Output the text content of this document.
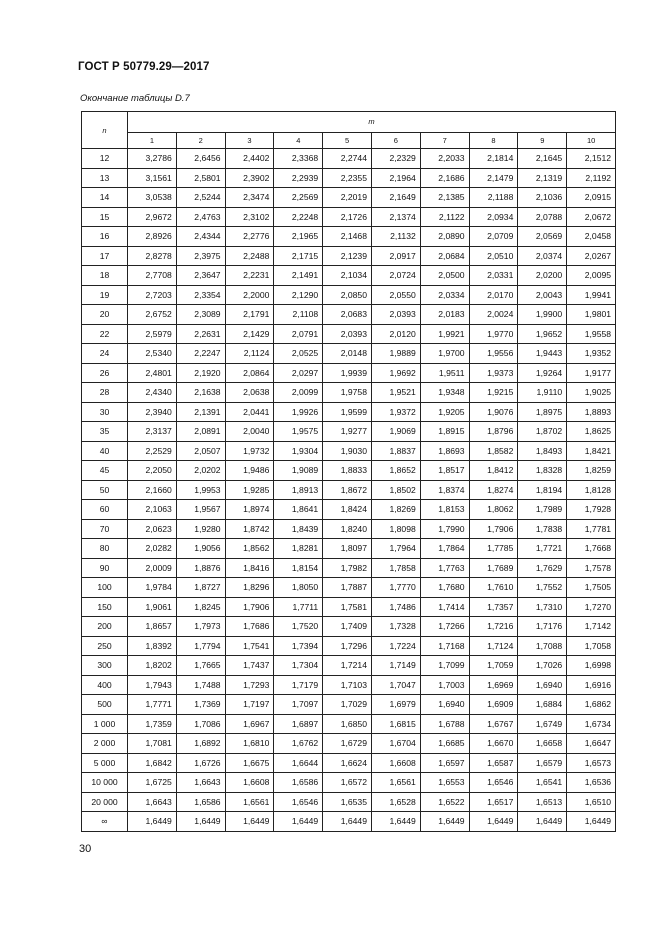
ГОСТ Р 50779.29—2017
Окончание таблицы D.7
n	m									
	1	2	3	4	5	6	7	8	9	10
12	3,2786	2,6456	2,4402	2,3368	2,2744	2,2329	2,2033	2,1814	2,1645	2,1512
13	3,1561	2,5801	2,3902	2,2939	2,2355	2,1964	2,1686	2,1479	2,1319	2,1192
14	3,0538	2,5244	2,3474	2,2569	2,2019	2,1649	2,1385	2,1188	2,1036	2,0915
15	2,9672	2,4763	2,3102	2,2248	2,1726	2,1374	2,1122	2,0934	2,0788	2,0672
16	2,8926	2,4344	2,2776	2,1965	2,1468	2,1132	2,0890	2,0709	2,0569	2,0458
17	2,8278	2,3975	2,2488	2,1715	2,1239	2,0917	2,0684	2,0510	2,0374	2,0267
18	2,7708	2,3647	2,2231	2,1491	2,1034	2,0724	2,0500	2,0331	2,0200	2,0095
19	2,7203	2,3354	2,2000	2,1290	2,0850	2,0550	2,0334	2,0170	2,0043	1,9941
20	2,6752	2,3089	2,1791	2,1108	2,0683	2,0393	2,0183	2,0024	1,9900	1,9801
22	2,5979	2,2631	2,1429	2,0791	2,0393	2,0120	1,9921	1,9770	1,9652	1,9558
24	2,5340	2,2247	2,1124	2,0525	2,0148	1,9889	1,9700	1,9556	1,9443	1,9352
26	2,4801	2,1920	2,0864	2,0297	1,9939	1,9692	1,9511	1,9373	1,9264	1,9177
28	2,4340	2,1638	2,0638	2,0099	1,9758	1,9521	1,9348	1,9215	1,9110	1,9025
30	2,3940	2,1391	2,0441	1,9926	1,9599	1,9372	1,9205	1,9076	1,8975	1,8893
35	2,3137	2,0891	2,0040	1,9575	1,9277	1,9069	1,8915	1,8796	1,8702	1,8625
40	2,2529	2,0507	1,9732	1,9304	1,9030	1,8837	1,8693	1,8582	1,8493	1,8421
45	2,2050	2,0202	1,9486	1,9089	1,8833	1,8652	1,8517	1,8412	1,8328	1,8259
50	2,1660	1,9953	1,9285	1,8913	1,8672	1,8502	1,8374	1,8274	1,8194	1,8128
60	2,1063	1,9567	1,8974	1,8641	1,8424	1,8269	1,8153	1,8062	1,7989	1,7928
70	2,0623	1,9280	1,8742	1,8439	1,8240	1,8098	1,7990	1,7906	1,7838	1,7781
80	2,0282	1,9056	1,8562	1,8281	1,8097	1,7964	1,7864	1,7785	1,7721	1,7668
90	2,0009	1,8876	1,8416	1,8154	1,7982	1,7858	1,7763	1,7689	1,7629	1,7578
100	1,9784	1,8727	1,8296	1,8050	1,7887	1,7770	1,7680	1,7610	1,7552	1,7505
150	1,9061	1,8245	1,7906	1,7711	1,7581	1,7486	1,7414	1,7357	1,7310	1,7270
200	1,8657	1,7973	1,7686	1,7520	1,7409	1,7328	1,7266	1,7216	1,7176	1,7142
250	1,8392	1,7794	1,7541	1,7394	1,7296	1,7224	1,7168	1,7124	1,7088	1,7058
300	1,8202	1,7665	1,7437	1,7304	1,7214	1,7149	1,7099	1,7059	1,7026	1,6998
400	1,7943	1,7488	1,7293	1,7179	1,7103	1,7047	1,7003	1,6969	1,6940	1,6916
500	1,7771	1,7369	1,7197	1,7097	1,7029	1,6979	1,6940	1,6909	1,6884	1,6862
1 000	1,7359	1,7086	1,6967	1,6897	1,6850	1,6815	1,6788	1,6767	1,6749	1,6734
2 000	1,7081	1,6892	1,6810	1,6762	1,6729	1,6704	1,6685	1,6670	1,6658	1,6647
5 000	1,6842	1,6726	1,6675	1,6644	1,6624	1,6608	1,6597	1,6587	1,6579	1,6573
10 000	1,6725	1,6643	1,6608	1,6586	1,6572	1,6561	1,6553	1,6546	1,6541	1,6536
20 000	1,6643	1,6586	1,6561	1,6546	1,6535	1,6528	1,6522	1,6517	1,6513	1,6510
∞	1,6449	1,6449	1,6449	1,6449	1,6449	1,6449	1,6449	1,6449	1,6449	1,6449
30
